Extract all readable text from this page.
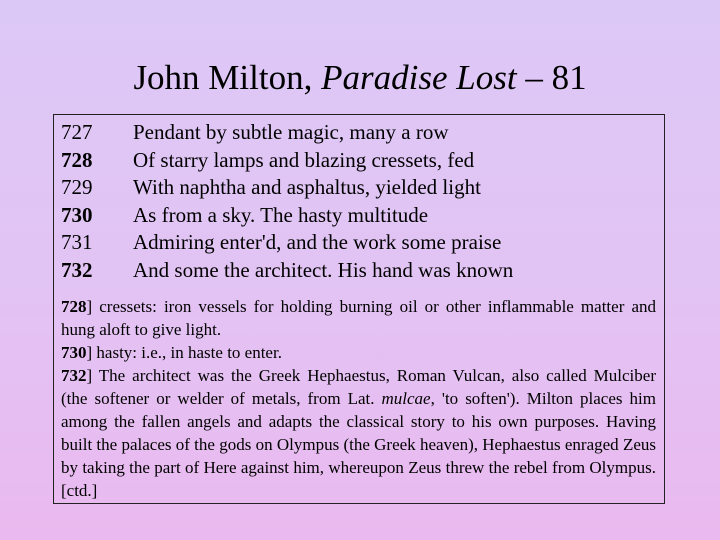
John Milton, Paradise Lost – 81
727 Pendant by subtle magic, many a row
728 Of starry lamps and blazing cressets, fed
729 With naphtha and asphaltus, yielded light
730 As from a sky. The hasty multitude
731 Admiring enter'd, and the work some praise
732 And some the architect. His hand was known
728] cressets: iron vessels for holding burning oil or other inflammable matter and hung aloft to give light.
730] hasty: i.e., in haste to enter.
732] The architect was the Greek Hephaestus, Roman Vulcan, also called Mulciber (the softener or welder of metals, from Lat. mulcae, 'to soften'). Milton places him among the fallen angels and adapts the classical story to his own purposes. Having built the palaces of the gods on Olympus (the Greek heaven), Hephaestus enraged Zeus by taking the part of Here against him, whereupon Zeus threw the rebel from Olympus. [ctd.]
